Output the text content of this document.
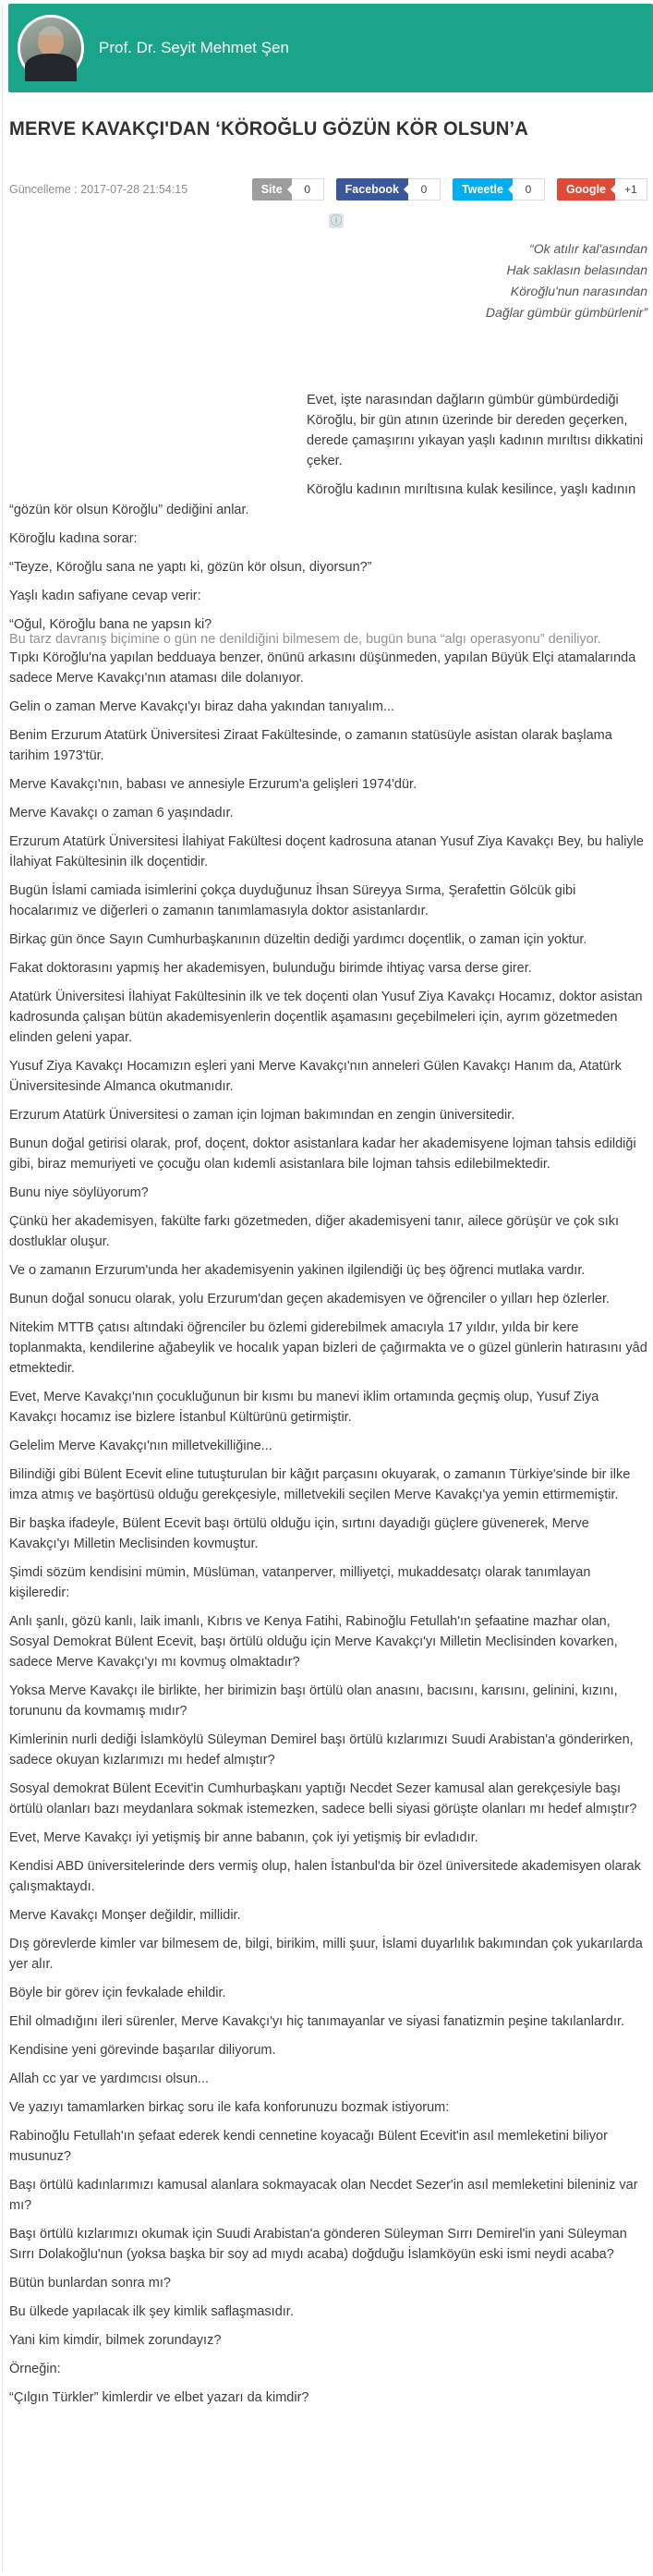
Prof. Dr. Seyit Mehmet Şen
MERVE KAVAKÇI'DAN ‘KÖROĞLU GÖZÜN KÖR OLSUN’A
Güncelleme : 2017-07-28 21:54:15	Site	0	Facebook	0	Tweetle	0	Google	+1
ⓘ
“Ok atılır kal'asından
Hak saklasın belasından
Köroğlu'nun narasından
Dağlar gümbür gümbürlenir”

Evet, işte narasından dağların gümbür gümbürdediği Köroğlu, bir gün atının üzerinde bir dereden geçerken, derede çamaşırını yıkayan yaşlı kadının mırıltısı dikkatini çeker.

Köroğlu kadının mırıltısına kulak kesilince, yaşlı kadının “gözün kör olsun Köroğlu” dediğini anlar.

Köroğlu kadına sorar:

“Teyze, Köroğlu sana ne yaptı ki, gözün kör olsun, diyorsun?”

Yaşlı kadın safiyane cevap verir:

“Oğul, Köroğlu bana ne yapsın ki?

Bu tarz davranış biçimine o gün ne denildiğini bilmesem de, bugün buna “algı operasyonu” deniliyor.

Tıpkı Köroğlu'na yapılan bedduaya benzer, önünü arkasını düşünmeden, yapılan Büyük Elçi atamalarında sadece Merve Kavakçı'nın ataması dile dolanıyor.

Gelin o zaman Merve Kavakçı'yı biraz daha yakından tanıyalım...

Benim Erzurum Atatürk Üniversitesi Ziraat Fakültesinde, o zamanın statüsüyle asistan olarak başlama tarihim 1973'tür.

Merve Kavakçı'nın, babası ve annesiyle Erzurum'a gelişleri 1974'dür.

Merve Kavakçı o zaman 6 yaşındadır.

Erzurum Atatürk Üniversitesi İlahiyat Fakültesi doçent kadrosuna atanan Yusuf Ziya Kavakçı Bey, bu haliyle İlahiyat Fakültesinin ilk doçentidir.

Bugün İslami camiada isimlerini çokça duyduğunuz İhsan Süreyya Sırma, Şerafettin Gölcük gibi hocalarımız ve diğerleri o zamanın tanımlamasıyla doktor asistanlardır.

Birkaç gün önce Sayın Cumhurbaşkanının düzeltin dediği yardımcı doçentlik, o zaman için yoktur.

Fakat doktorasını yapmış her akademisyen, bulunduğu birimde ihtiyaç varsa derse girer.

Atatürk Üniversitesi İlahiyat Fakültesinin ilk ve tek doçenti olan Yusuf Ziya Kavakçı Hocamız, doktor asistan kadrosunda çalışan bütün akademisyenlerin doçentlik aşamasını geçebilmeleri için, ayrım gözetmeden elinden geleni yapar.

Yusuf Ziya Kavakçı Hocamızın eşleri yani Merve Kavakçı'nın anneleri Gülen Kavakçı Hanım da, Atatürk Üniversitesinde Almanca okutmanıdır.

Erzurum Atatürk Üniversitesi o zaman için lojman bakımından en zengin üniversitedir.

Bunun doğal getirisi olarak, prof, doçent, doktor asistanlara kadar her akademisyene lojman tahsis edildiği gibi, biraz memuriyeti ve çocuğu olan kıdemli asistanlara bile lojman tahsis edilebilmektedir.

Bunu niye söylüyorum?

Çünkü her akademisyen, fakülte farkı gözetmeden, diğer akademisyeni tanır, ailece görüşür ve çok sıkı dostluklar oluşur.

Ve o zamanın Erzurum'unda her akademisyenin yakinen ilgilendiği üç beş öğrenci mutlaka vardır.

Bunun doğal sonucu olarak, yolu Erzurum'dan geçen akademisyen ve öğrenciler o yılları hep özlerler.

Nitekim MTTB çatısı altındaki öğrenciler bu özlemi giderebilmek amacıyla 17 yıldır, yılda bir kere toplanmakta, kendilerine ağabeylik ve hocalık yapan bizleri de çağırmakta ve o güzel günlerin hatırasını yâd etmektedir.

Evet, Merve Kavakçı'nın çocukluğunun bir kısmı bu manevi iklim ortamında geçmiş olup, Yusuf Ziya Kavakçı hocamız ise bizlere İstanbul Kültürünü getirmiştir.

Gelelim Merve Kavakçı'nın milletvekilliğine...

Bilindiği gibi Bülent Ecevit eline tutuşturulan bir kâğıt parçasını okuyarak, o zamanın Türkiye'sinde bir ilke imza atmış ve başörtüsü olduğu gerekçesiyle, milletvekili seçilen Merve Kavakçı'ya yemin ettirmemiştir.

Bir başka ifadeyle, Bülent Ecevit başı örtülü olduğu için, sırtını dayadığı güçlere güvenerek, Merve Kavakçı'yı Milletin Meclisinden kovmuştur.

Şimdi sözüm kendisini mümin, Müslüman, vatanperver, milliyetçi, mukaddesatçı olarak tanımlayan kişileredir:

Anlı şanlı, gözü kanlı, laik imanlı, Kıbrıs ve Kenya Fatihi, Rabinoğlu Fetullah'ın şefaatine mazhar olan, Sosyal Demokrat Bülent Ecevit, başı örtülü olduğu için Merve Kavakçı'yı Milletin Meclisinden kovarken, sadece Merve Kavakçı'yı mı kovmuş olmaktadır?

Yoksa Merve Kavakçı ile birlikte, her birimizin başı örtülü olan anasını, bacısını, karısını, gelinini, kızını, torununu da kovmamış mıdır?

Kimlerinin nurli dediği İslamköylü Süleyman Demirel başı örtülü kızlarımızı Suudi Arabistan'a gönderirken, sadece okuyan kızlarımızı mı hedef almıştır?

Sosyal demokrat Bülent Ecevit'in Cumhurbaşkanı yaptığı Necdet Sezer kamusal alan gerekçesiyle başı örtülü olanları bazı meydanlara sokmak istemezken, sadece belli siyasi görüşte olanları mı hedef almıştır?

Evet, Merve Kavakçı iyi yetişmiş bir anne babanın, çok iyi yetişmiş bir evladıdır.

Kendisi ABD üniversitelerinde ders vermiş olup, halen İstanbul'da bir özel üniversitede akademisyen olarak çalışmaktaydı.

Merve Kavakçı Monşer değildir, millidir.

Dış görevlerde kimler var bilmesem de, bilgi, birikim, milli şuur, İslami duyarlılık bakımından çok yukarılarda yer alır.

Böyle bir görev için fevkalade ehildir.

Ehil olmadığını ileri sürenler, Merve Kavakçı'yı hiç tanımayanlar ve siyasi fanatizmin peşine takılanlardır.

Kendisine yeni görevinde başarılar diliyorum.

Allah cc yar ve yardımcısı olsun...

Ve yazıyı tamamlarken birkaç soru ile kafa konforunuzu bozmak istiyorum:

Rabinoğlu Fetullah'ın şefaat ederek kendi cennetine koyacağı Bülent Ecevit'in asıl memleketini biliyor musunuz?

Başı örtülü kadınlarımızı kamusal alanlara sokmayacak olan Necdet Sezer'in asıl memleketini bileniniz var mı?

Başı örtülü kızlarımızı okumak için Suudi Arabistan'a gönderen Süleyman Sırrı Demirel'in yani Süleyman Sırrı Dolakoğlu'nun (yoksa başka bir soy ad mıydı acaba) doğduğu İslamköyün eski ismi neydi acaba?

Bütün bunlardan sonra mı?

Bu ülkede yapılacak ilk şey kimlik saflaşmasıdır.

Yani kim kimdir, bilmek zorundayız?

Örneğin:

“Çılgın Türkler” kimlerdir ve elbet yazarı da kimdir?
